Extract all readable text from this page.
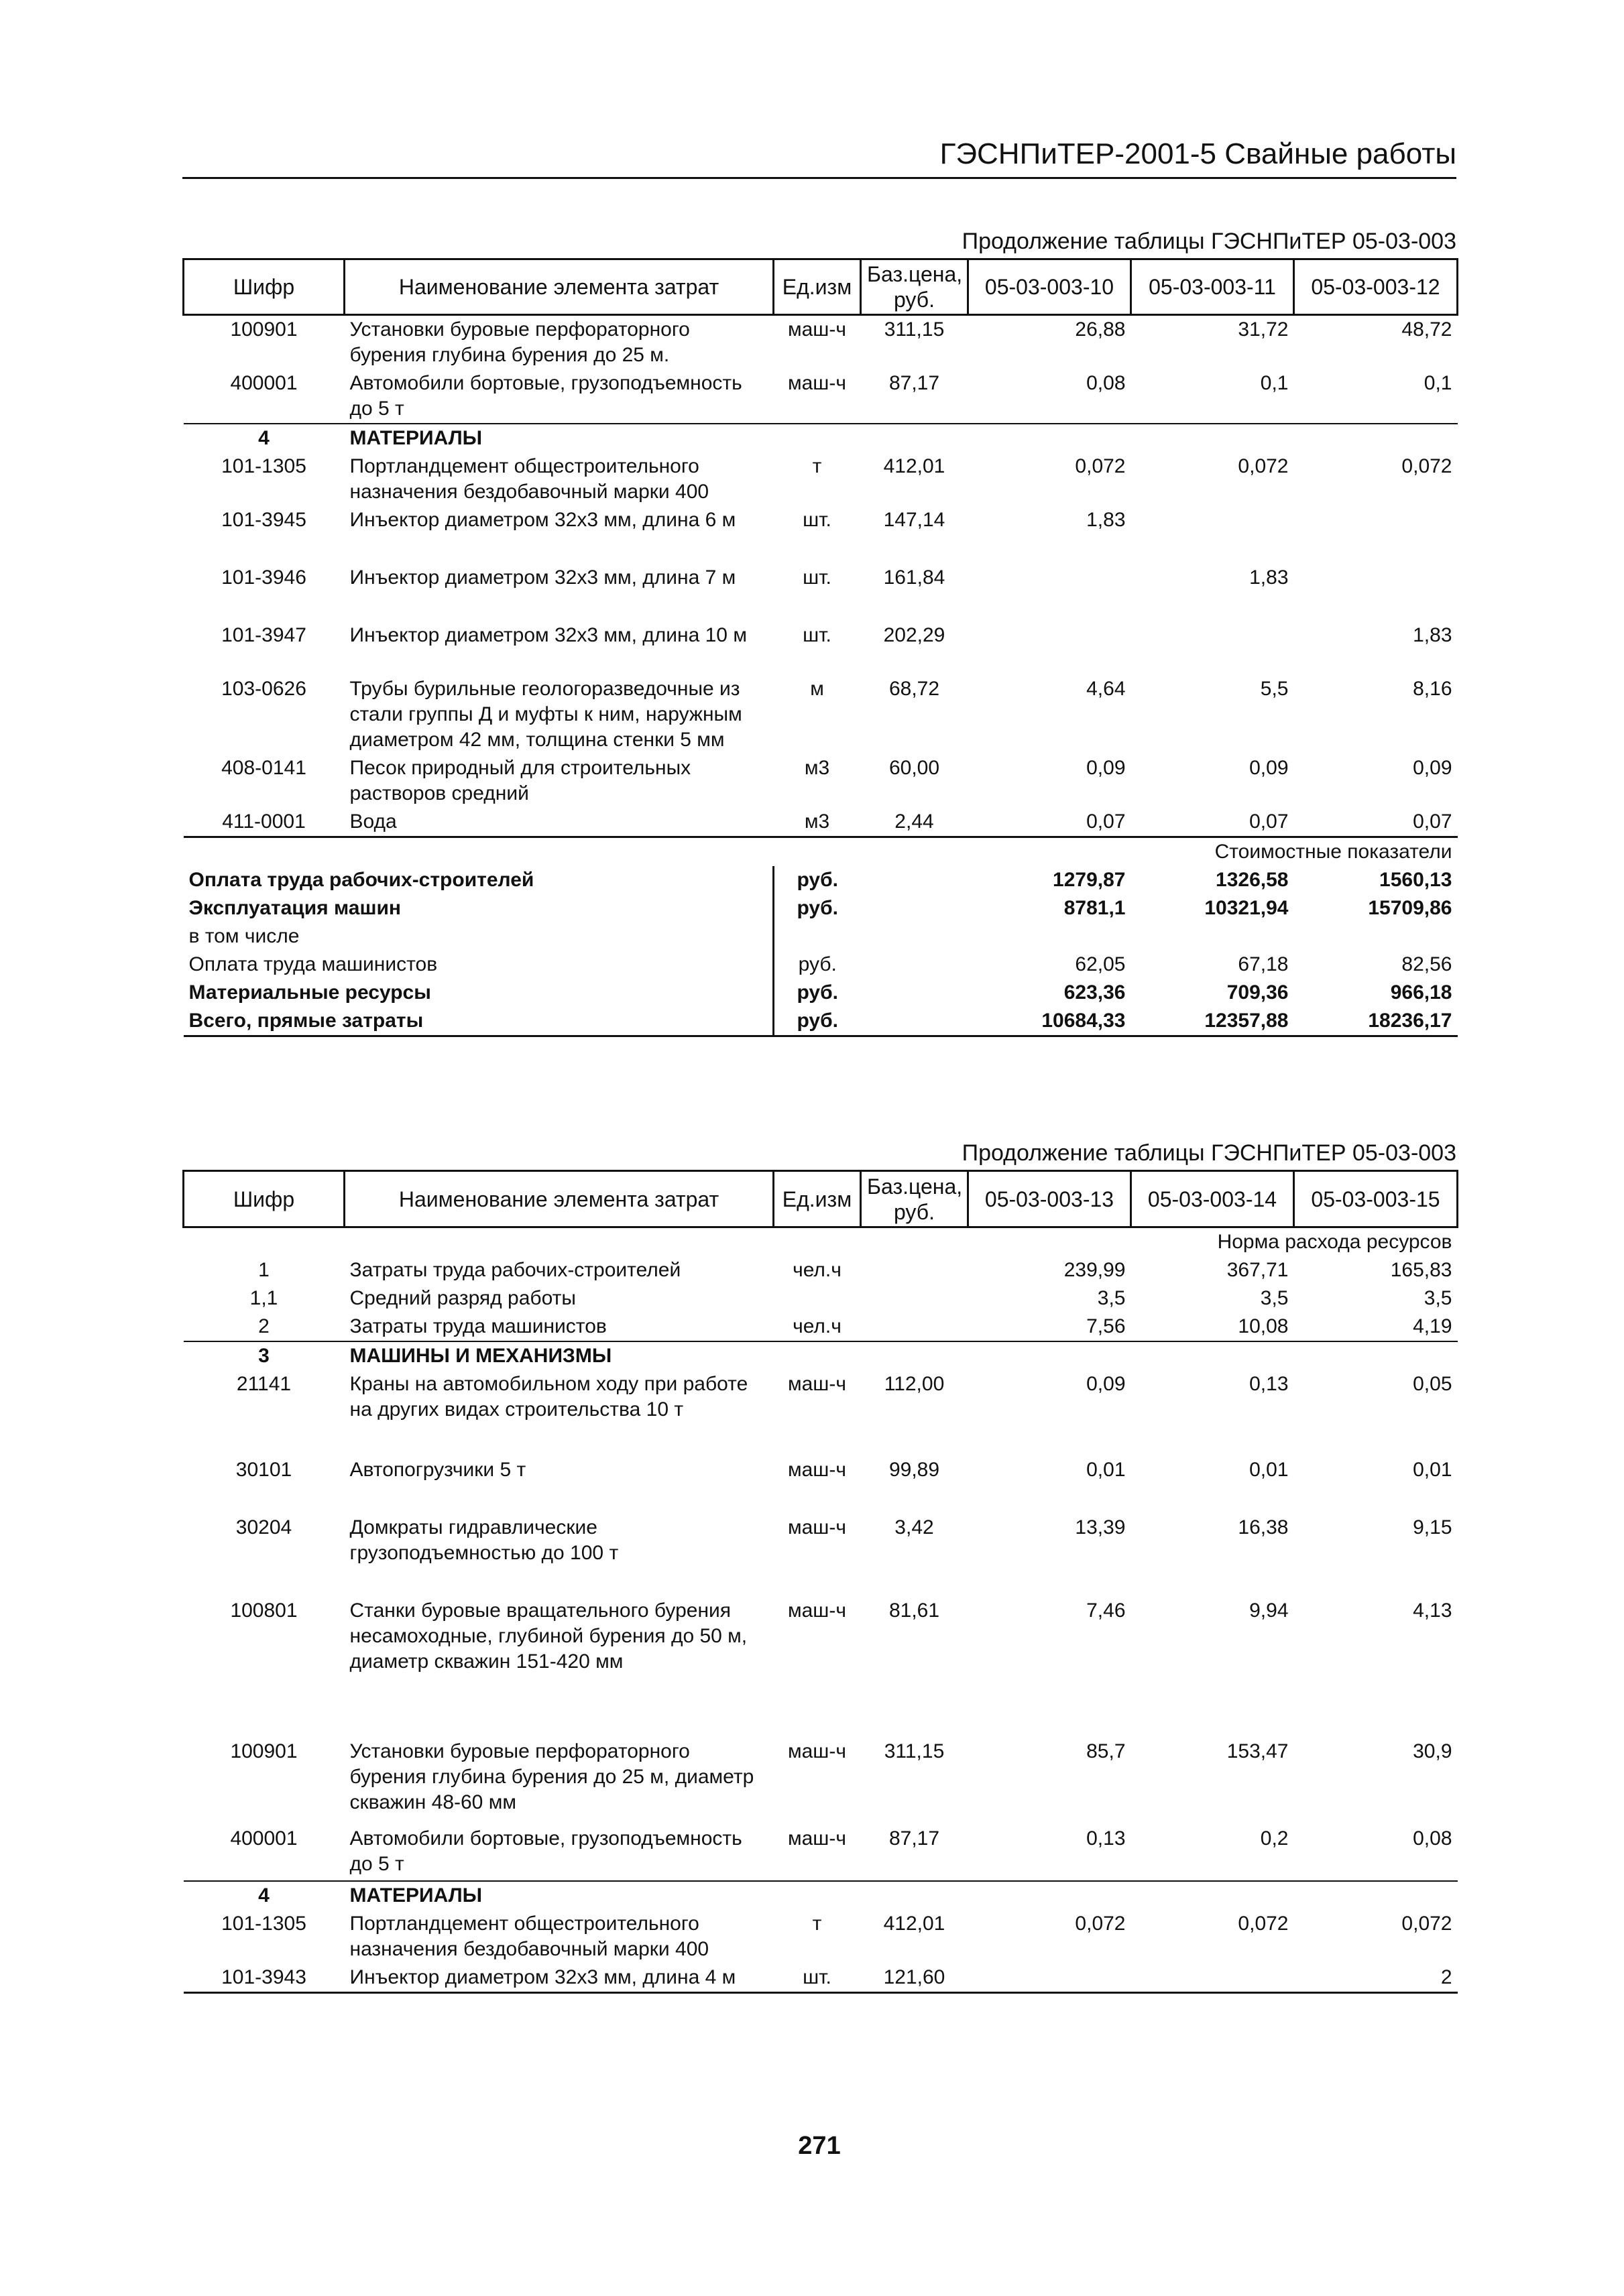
ГЭСНПиТЕР-2001-5 Свайные работы
Продолжение таблицы ГЭСНПиТЕР 05-03-003
Шифр	Наименование элемента затрат	Ед.изм	Баз.цена, руб.	05-03-003-10	05-03-003-11	05-03-003-12
100901	Установки буровые перфораторного бурения глубина бурения до 25 м.	маш-ч	311,15	26,88	31,72	48,72
400001	Автомобили бортовые, грузоподъемность до 5 т	маш-ч	87,17	0,08	0,1	0,1
4	МАТЕРИАЛЫ					
101-1305	Портландцемент общестроительного назначения бездобавочный марки 400	т	412,01	0,072	0,072	0,072
101-3945	Инъектор диаметром 32х3 мм, длина 6 м	шт.	147,14	1,83		
101-3946	Инъектор диаметром 32х3 мм, длина 7 м	шт.	161,84		1,83	
101-3947	Инъектор диаметром 32х3 мм, длина 10 м	шт.	202,29			1,83
103-0626	Трубы бурильные геологоразведочные из стали группы Д и муфты к ним, наружным диаметром 42 мм, толщина стенки 5 мм	м	68,72	4,64	5,5	8,16
408-0141	Песок природный для строительных растворов средний	м3	60,00	0,09	0,09	0,09
411-0001	Вода	м3	2,44	0,07	0,07	0,07
Стоимостные показатели						
Оплата труда рабочих-строителей		руб.		1279,87	1326,58	1560,13
Эксплуатация машин		руб.		8781,1	10321,94	15709,86
в том числе						
Оплата труда машинистов		руб.		62,05	67,18	82,56
Материальные ресурсы		руб.		623,36	709,36	966,18
Всего, прямые затраты		руб.		10684,33	12357,88	18236,17
Продолжение таблицы ГЭСНПиТЕР 05-03-003
Шифр	Наименование элемента затрат	Ед.изм	Баз.цена, руб.	05-03-003-13	05-03-003-14	05-03-003-15
Норма расхода ресурсов						
1	Затраты труда рабочих-строителей	чел.ч		239,99	367,71	165,83
1,1	Средний разряд работы			3,5	3,5	3,5
2	Затраты труда машинистов	чел.ч		7,56	10,08	4,19
3	МАШИНЫ И МЕХАНИЗМЫ					
21141	Краны на автомобильном ходу при работе на других видах строительства 10 т	маш-ч	112,00	0,09	0,13	0,05
30101	Автопогрузчики 5 т	маш-ч	99,89	0,01	0,01	0,01
30204	Домкраты гидравлические грузоподъемностью до 100 т	маш-ч	3,42	13,39	16,38	9,15
100801	Станки буровые вращательного бурения несамоходные, глубиной бурения до 50 м, диаметр скважин 151-420 мм	маш-ч	81,61	7,46	9,94	4,13
100901	Установки буровые перфораторного бурения глубина бурения до 25 м, диаметр скважин 48-60 мм	маш-ч	311,15	85,7	153,47	30,9
400001	Автомобили бортовые, грузоподъемность до 5 т	маш-ч	87,17	0,13	0,2	0,08
4	МАТЕРИАЛЫ					
101-1305	Портландцемент общестроительного назначения бездобавочный марки 400	т	412,01	0,072	0,072	0,072
101-3943	Инъектор диаметром 32х3 мм, длина 4 м	шт.	121,60			2
271
